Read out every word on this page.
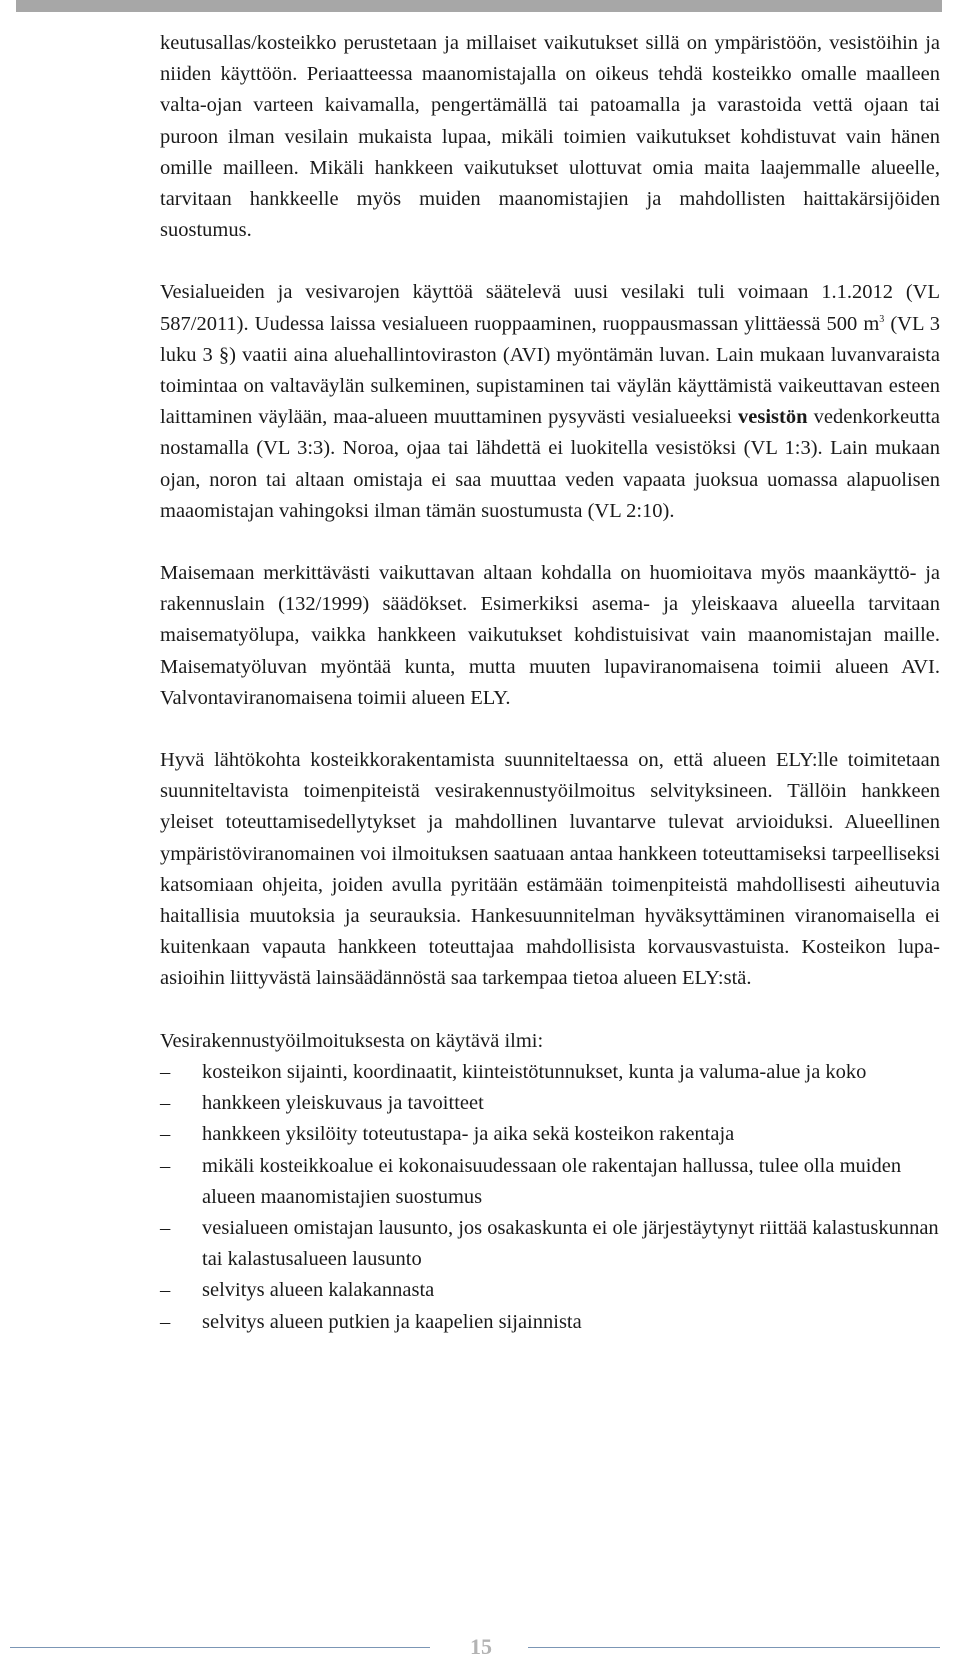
keutusallas/kosteikko perustetaan ja millaiset vaikutukset sillä on ympäristöön, vesistöihin ja niiden käyttöön. Periaatteessa maanomistajalla on oikeus tehdä kosteikko omalle maalleen valta-ojan varteen kaivamalla, pengertämällä tai patoamalla ja varastoida vettä ojaan tai puroon ilman vesilain mukaista lupaa, mikäli toimien vaikutukset kohdistuvat vain hänen omille mailleen. Mikäli hankkeen vaikutukset ulottuvat omia maita laajemmalle alueelle, tarvitaan hankkeelle myös muiden maanomistajien ja mahdollisten haittakärsijöiden suostumus.

Vesialueiden ja vesivarojen käyttöä säätelevä uusi vesilaki tuli voimaan 1.1.2012 (VL 587/2011). Uudessa laissa vesialueen ruoppaaminen, ruoppausmassan ylittäessä 500 $m^3$ (VL 3 luku 3 §) vaatii aina aluehallintoviraston (AVI) myöntämän luvan. Lain mukaan luvanvaraista toimintaa on valtaväylän sulkeminen, supistaminen tai väylän käyttämistä vaikeuttavan esteen laittaminen väylään, maa-alueen muuttaminen pysyvästi vesialueeksi vesistön vedenkorkeutta nostamalla (VL 3:3). Noroa, ojaa tai lähdettä ei luokitella vesistöksi (VL 1:3). Lain mukaan ojan, noron tai altaan omistaja ei saa muuttaa veden vapaata juoksua uomassa alapuolisen maaomistajan vahingoksi ilman tämän suostumusta (VL 2:10).

Maisemaan merkittävästi vaikuttavan altaan kohdalla on huomioitava myös maankäyttö- ja rakennuslain (132/1999) säädökset. Esimerkiksi asema- ja yleiskaava alueella tarvitaan maisematyölupa, vaikka hankkeen vaikutukset kohdistuisivat vain maanomistajan maille. Maisematyöluvan myöntää kunta, mutta muuten lupaviranomaisena toimii alueen AVI. Valvontaviranomaisena toimii alueen ELY.

Hyvä lähtökohta kosteikkorakentamista suunniteltaessa on, että alueen ELY:lle toimitetaan suunniteltavista toimenpiteistä vesirakennustyöilmoitus selvityksineen. Tällöin hankkeen yleiset toteuttamisedellytykset ja mahdollinen luvantarve tulevat arvioiduksi. Alueellinen ympäristöviranomainen voi ilmoituksen saatuaan antaa hankkeen toteuttamiseksi tarpeelliseksi katsomiaan ohjeita, joiden avulla pyritään estämään toimenpiteistä mahdollisesti aiheutuvia haitallisia muutoksia ja seurauksia. Hankesuunnitelman hyväksyttäminen viranomaisella ei kuitenkaan vapauta hankkeen toteuttajaa mahdollisista korvausvastuista. Kosteikon lupa-asioihin liittyvästä lainsäädännöstä saa tarkempaa tietoa alueen ELY:stä.

Vesirakennustyöilmoituksesta on käytävä ilmi:

– kosteikon sijainti, koordinaatit, kiinteistötunnukset, kunta ja valuma-alue ja koko
– hankkeen yleiskuvaus ja tavoitteet
– hankkeen yksilöity toteutustapa- ja aika sekä kosteikon rakentaja
– mikäli kosteikkoalue ei kokonaisuudessaan ole rakentajan hallussa, tulee olla muiden alueen maanomistajien suostumus
– vesialueen omistajan lausunto, jos osakaskunta ei ole järjestäytynyt riittää kalastuskunnan tai kalastusalueen lausunto
– selvitys alueen kalakannasta
– selvitys alueen putkien ja kaapelien sijainnista
15
